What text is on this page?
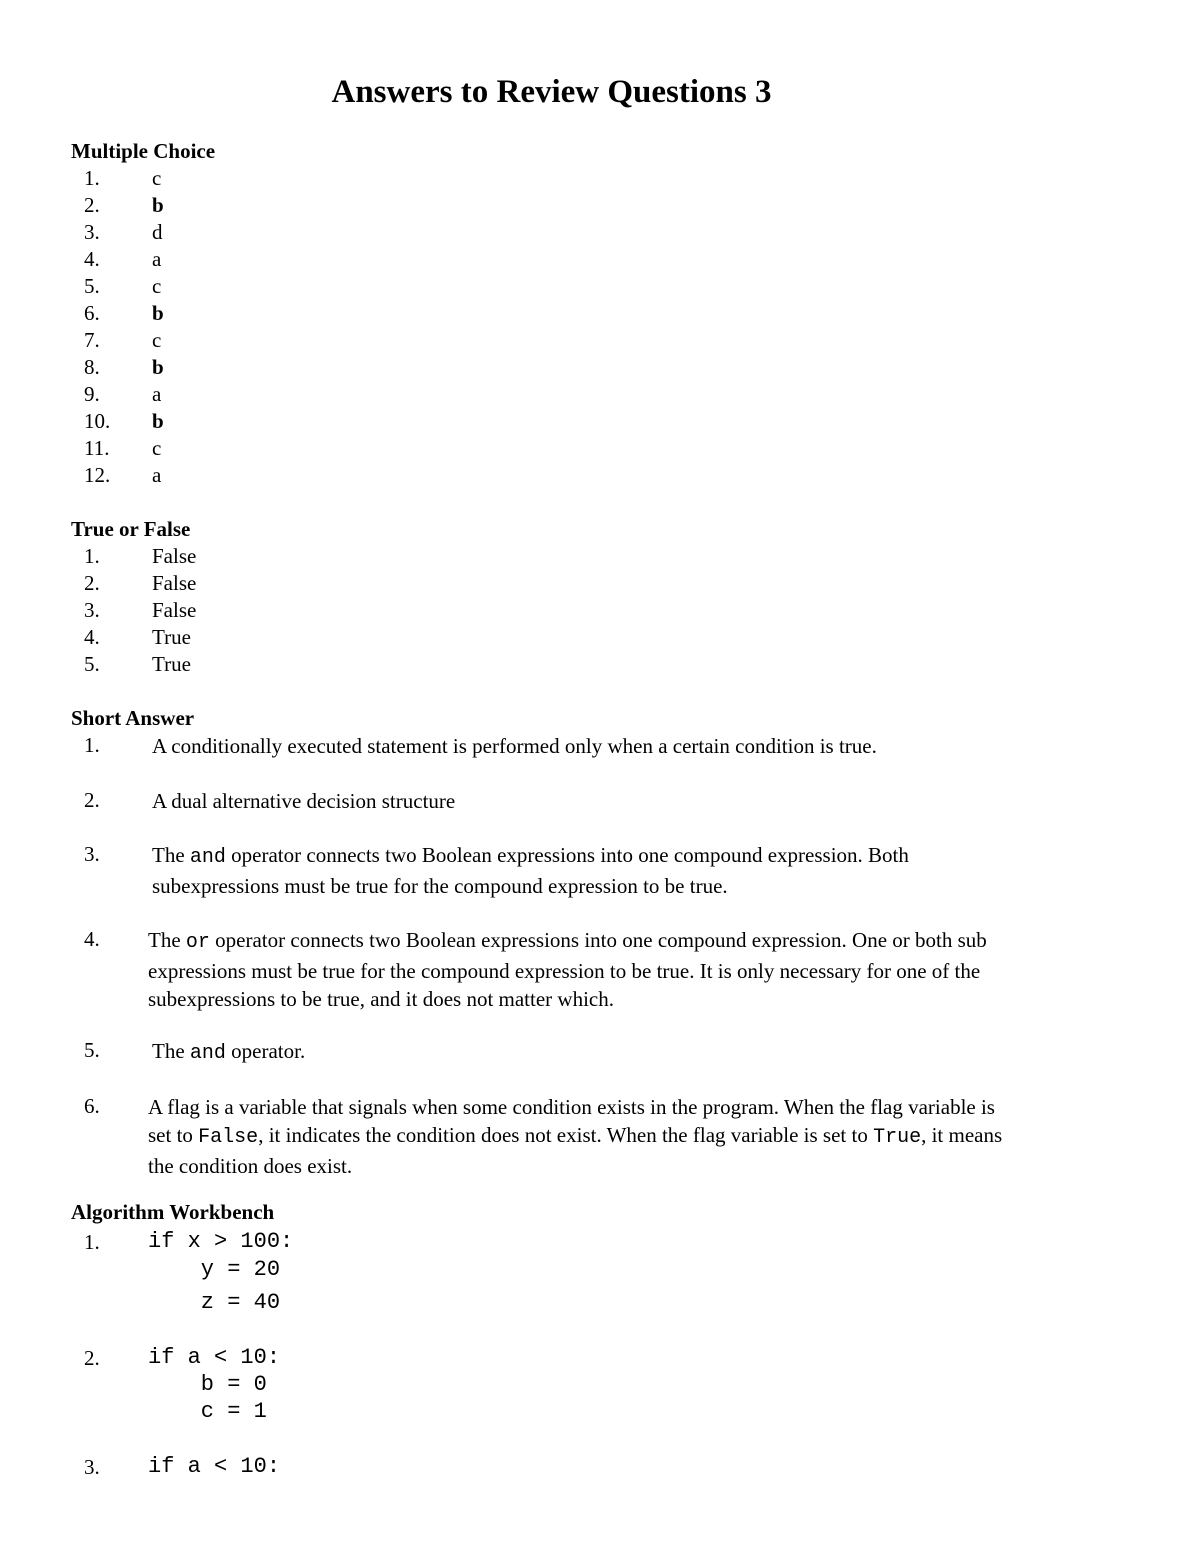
Answers to Review Questions 3
Multiple Choice
1. c
2. b
3. d
4. a
5. c
6. b
7. c
8. b
9. a
10. b
11. c
12. a
True or False
1. False
2. False
3. False
4. True
5. True
Short Answer
1. A conditionally executed statement is performed only when a certain condition is true.
2. A dual alternative decision structure
3. The and operator connects two Boolean expressions into one compound expression. Both subexpressions must be true for the compound expression to be true.
4. The or operator connects two Boolean expressions into one compound expression. One or both sub expressions must be true for the compound expression to be true. It is only necessary for one of the subexpressions to be true, and it does not matter which.
5. The and operator.
6. A flag is a variable that signals when some condition exists in the program. When the flag variable is set to False, it indicates the condition does not exist. When the flag variable is set to True, it means the condition does exist.
Algorithm Workbench
1. if x > 100:
y = 20
z = 40
2. if a < 10:
b = 0
c = 1
3. if a < 10:
